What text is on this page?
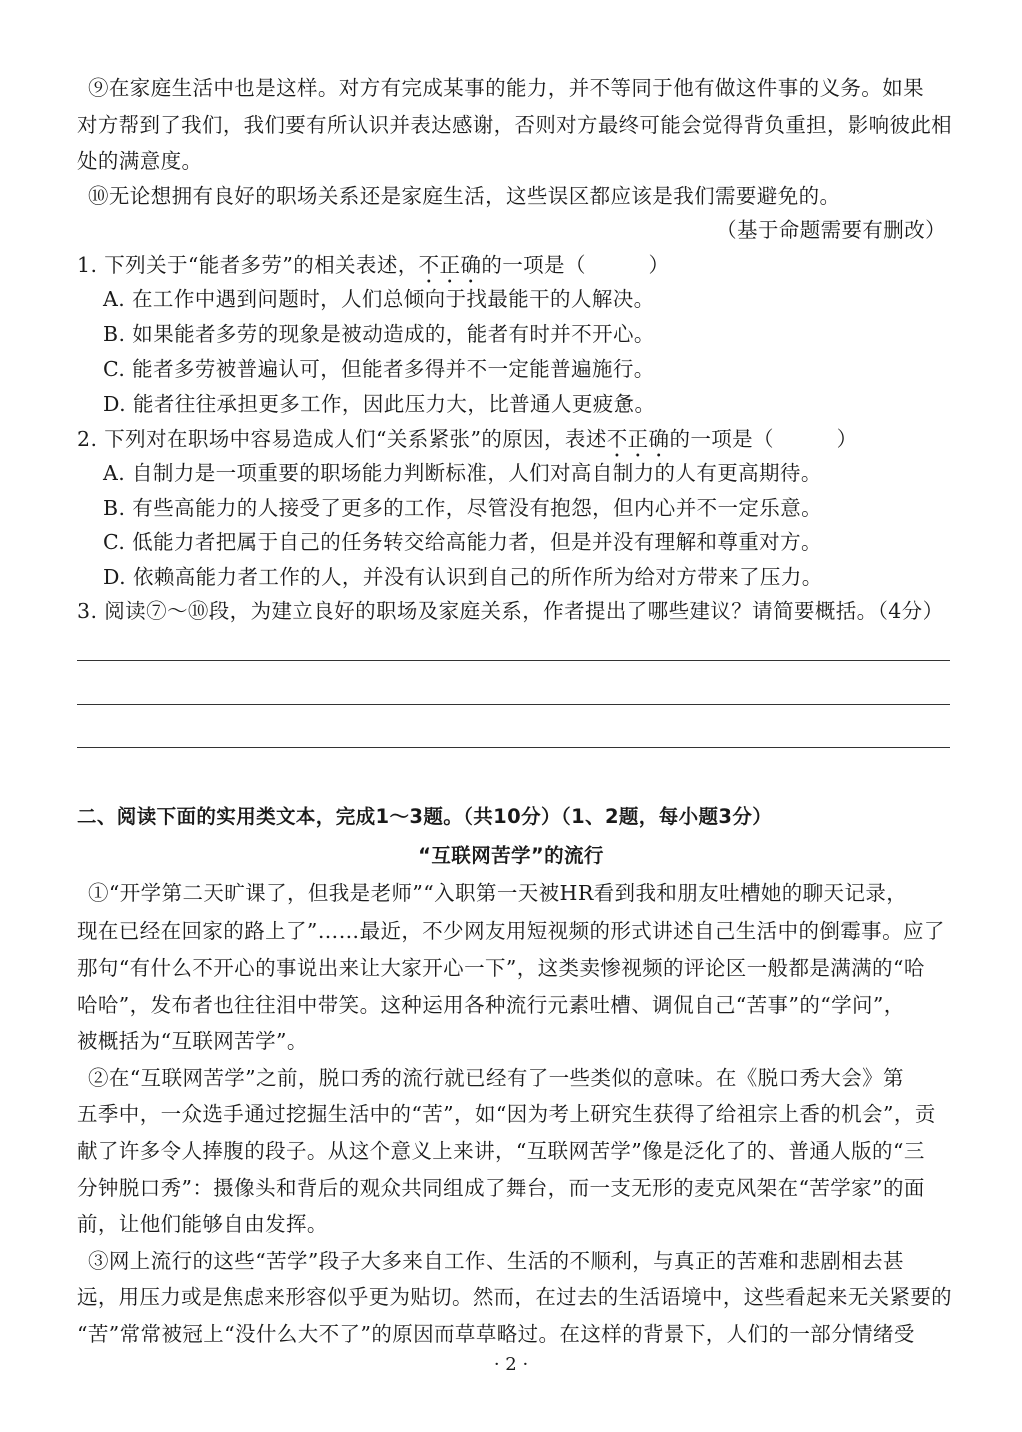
⑨在家庭生活中也是这样。对方有完成某事的能力，并不等同于他有做这件事的义务。如果
对方帮到了我们，我们要有所认识并表达感谢，否则对方最终可能会觉得背负重担，影响彼此相
处的满意度。
⑩无论想拥有良好的职场关系还是家庭生活，这些误区都应该是我们需要避免的。
（基于命题需要有删改）
1. 下列关于“能者多劳”的相关表述，不正确的一项是（　　　）
A. 在工作中遇到问题时，人们总倾向于找最能干的人解决。
B. 如果能者多劳的现象是被动造成的，能者有时并不开心。
C. 能者多劳被普遍认可，但能者多得并不一定能普遍施行。
D. 能者往往承担更多工作，因此压力大，比普通人更疲惫。
2. 下列对在职场中容易造成人们“关系紧张”的原因，表述不正确的一项是（　　　）
A. 自制力是一项重要的职场能力判断标准，人们对高自制力的人有更高期待。
B. 有些高能力的人接受了更多的工作，尽管没有抱怨，但内心并不一定乐意。
C. 低能力者把属于自己的任务转交给高能力者，但是并没有理解和尊重对方。
D. 依赖高能力者工作的人，并没有认识到自己的所作所为给对方带来了压力。
3. 阅读⑦～⑩段，为建立良好的职场及家庭关系，作者提出了哪些建议？请简要概括。（4分）
二、阅读下面的实用类文本，完成1～3题。（共10分）（1、2题，每小题3分）
“互联网苦学”的流行
①“开学第二天旷课了，但我是老师”“入职第一天被HR看到我和朋友吐槽她的聊天记录，
现在已经在回家的路上了”……最近，不少网友用短视频的形式讲述自己生活中的倒霉事。应了
那句“有什么不开心的事说出来让大家开心一下”，这类卖惨视频的评论区一般都是满满的“哈
哈哈”，发布者也往往泪中带笑。这种运用各种流行元素吐槽、调侃自己“苦事”的“学问”，
被概括为“互联网苦学”。
②在“互联网苦学”之前，脱口秀的流行就已经有了一些类似的意味。在《脱口秀大会》第
五季中，一众选手通过挖掘生活中的“苦”，如“因为考上研究生获得了给祖宗上香的机会”，贡
献了许多令人捧腹的段子。从这个意义上来讲，“互联网苦学”像是泛化了的、普通人版的“三
分钟脱口秀”：摄像头和背后的观众共同组成了舞台，而一支无形的麦克风架在“苦学家”的面
前，让他们能够自由发挥。
③网上流行的这些“苦学”段子大多来自工作、生活的不顺利，与真正的苦难和悲剧相去甚
远，用压力或是焦虑来形容似乎更为贴切。然而，在过去的生活语境中，这些看起来无关紧要的
“苦”常常被冠上“没什么大不了”的原因而草草略过。在这样的背景下，人们的一部分情绪受
· 2 ·
